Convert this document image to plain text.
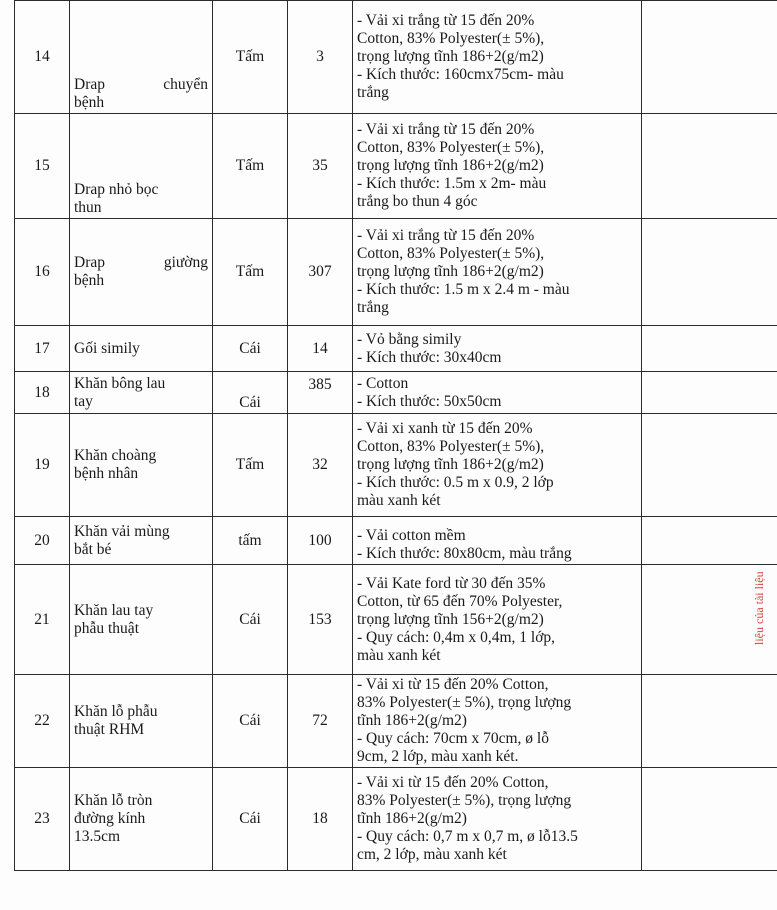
14	Drap chuyển
bệnh	Tấm	3	- Vải xi trắng từ 15 đến 20%
Cotton, 83% Polyester(± 5%),
trọng lượng tĩnh 186+2(g/m2)
- Kích thước: 160cmx75cm- màu
trắng	

15	Drap nhỏ bọc
thun	Tấm	35	- Vải xi trắng từ 15 đến 20%
Cotton, 83% Polyester(± 5%),
trọng lượng tĩnh 186+2(g/m2)
- Kích thước: 1.5m x 2m- màu
trắng bo thun 4 góc	

16	Drap giường
bệnh	Tấm	307	- Vải xi trắng từ 15 đến 20%
Cotton, 83% Polyester(± 5%),
trọng lượng tĩnh 186+2(g/m2)
- Kích thước: 1.5 m x 2.4 m - màu
trắng	

17	Gối simily	Cái	14	- Vỏ bằng simily
- Kích thước: 30x40cm	

18	Khăn bông lau
tay	Cái	385	- Cotton
- Kích thước: 50x50cm	

19	Khăn choàng
bệnh nhân	Tấm	32	- Vải xi xanh từ 15 đến 20%
Cotton, 83% Polyester(± 5%),
trọng lượng tĩnh 186+2(g/m2)
- Kích thước: 0.5 m x 0.9, 2 lớp
màu xanh két	

20	Khăn vải mùng
bắt bé	tấm	100	- Vải cotton mềm
- Kích thước: 80x80cm, màu trắng	

21	Khăn lau tay
phẫu thuật	Cái	153	- Vải Kate ford từ 30 đến 35%
Cotton, từ 65 đến 70% Polyester,
trọng lượng tĩnh 156+2(g/m2)
- Quy cách: 0,4m x 0,4m, 1 lớp,
màu xanh két	

22	Khăn lỗ phẫu
thuật RHM	Cái	72	- Vải xi từ 15 đến 20% Cotton,
83% Polyester(± 5%), trọng lượng
tĩnh 186+2(g/m2)
- Quy cách: 70cm x 70cm, ø lỗ
9cm, 2 lớp, màu xanh két.	

23	Khăn lỗ tròn
đường kính
13.5cm	Cái	18	- Vải xi từ 15 đến 20% Cotton,
83% Polyester(± 5%), trọng lượng
tĩnh 186+2(g/m2)
- Quy cách: 0,7 m x 0,7 m, ø lỗ13.5
cm, 2 lớp, màu xanh két	

liệu của tài liệu
